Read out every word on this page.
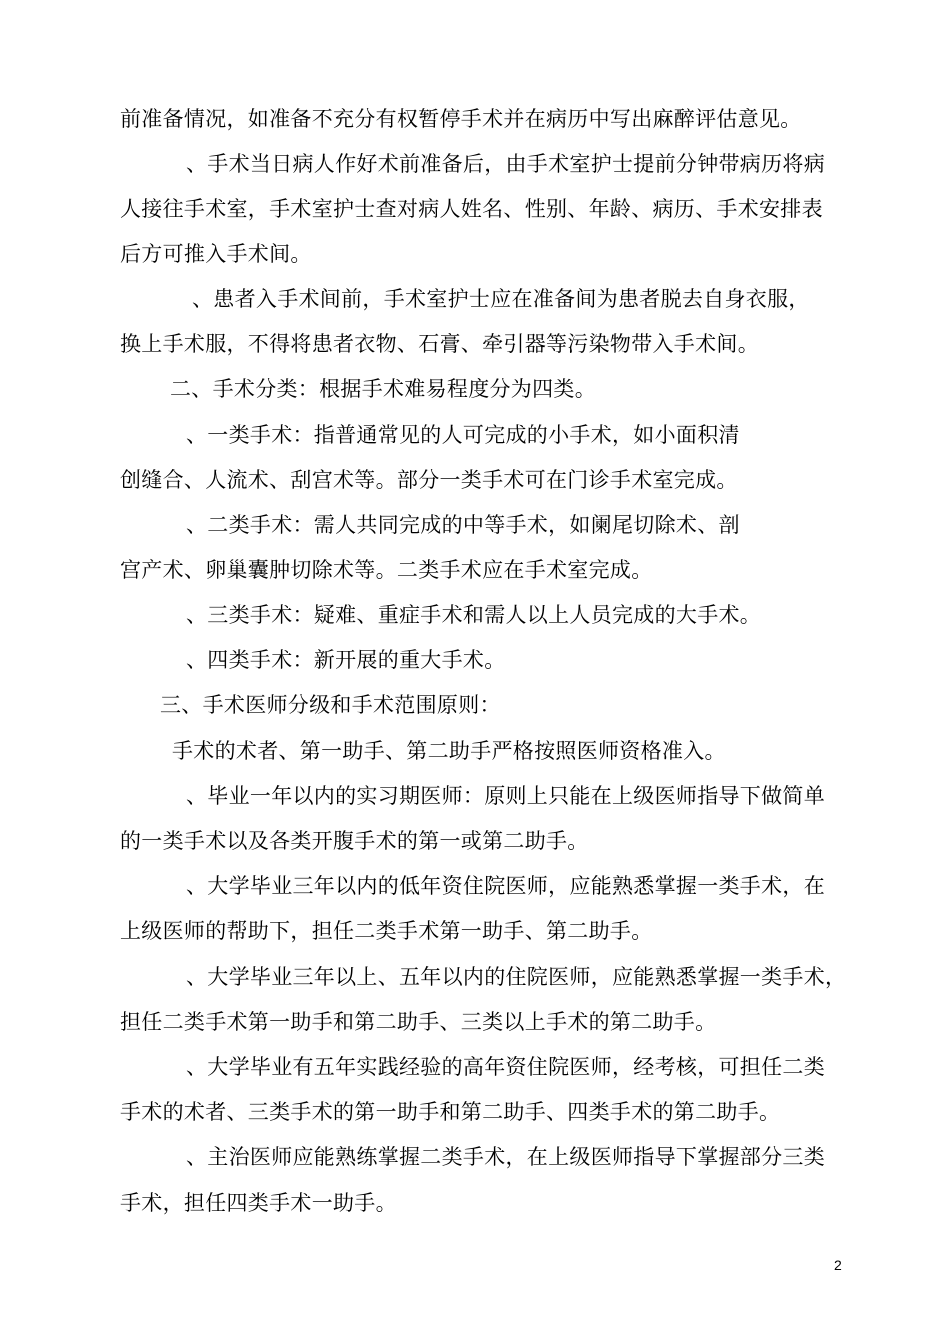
前准备情况，如准备不充分有权暂停手术并在病历中写出麻醉评估意见。
、手术当日病人作好术前准备后，由手术室护士提前分钟带病历将病
人接往手术室，手术室护士查对病人姓名、性别、年龄、病历、手术安排表
后方可推入手术间。
、患者入手术间前，手术室护士应在准备间为患者脱去自身衣服，
换上手术服，不得将患者衣物、石膏、牵引器等污染物带入手术间。
二、手术分类：根据手术难易程度分为四类。
、一类手术：指普通常见的人可完成的小手术，如小面积清
创缝合、人流术、刮宫术等。部分一类手术可在门诊手术室完成。
、二类手术：需人共同完成的中等手术，如阑尾切除术、剖
宫产术、卵巢囊肿切除术等。二类手术应在手术室完成。
、三类手术：疑难、重症手术和需人以上人员完成的大手术。
、四类手术：新开展的重大手术。
三、手术医师分级和手术范围原则：
手术的术者、第一助手、第二助手严格按照医师资格准入。
、毕业一年以内的实习期医师：原则上只能在上级医师指导下做简单
的一类手术以及各类开腹手术的第一或第二助手。
、大学毕业三年以内的低年资住院医师，应能熟悉掌握一类手术，在
上级医师的帮助下，担任二类手术第一助手、第二助手。
、大学毕业三年以上、五年以内的住院医师，应能熟悉掌握一类手术，
担任二类手术第一助手和第二助手、三类以上手术的第二助手。
、大学毕业有五年实践经验的高年资住院医师，经考核，可担任二类
手术的术者、三类手术的第一助手和第二助手、四类手术的第二助手。
、主治医师应能熟练掌握二类手术，在上级医师指导下掌握部分三类
手术，担任四类手术一助手。
2
